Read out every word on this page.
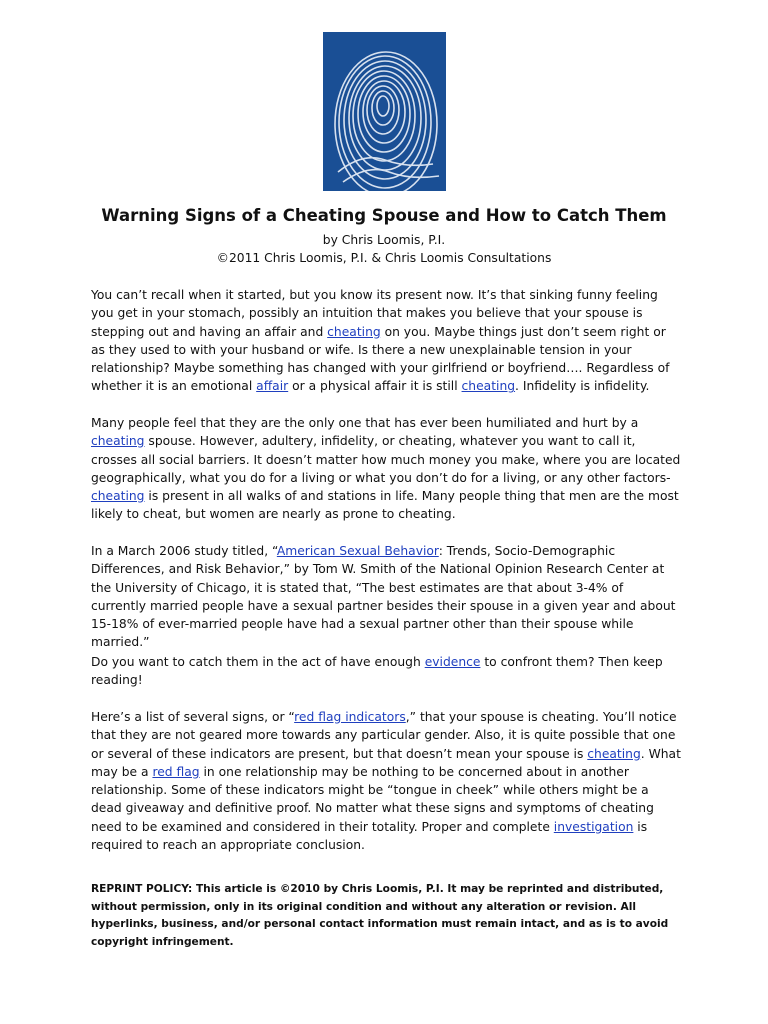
Warning Signs of a Cheating Spouse and How to Catch Them

by Chris Loomis, P.I.

©2011 Chris Loomis, P.I. & Chris Loomis Consultations

You can’t recall when it started, but you know its present now. It’s that sinking funny feeling you get in your stomach, possibly an intuition that makes you believe that your spouse is stepping out and having an affair and cheating on you. Maybe things just don’t seem right or as they used to with your husband or wife. Is there a new unexplainable tension in your relationship? Maybe something has changed with your girlfriend or boyfriend…. Regardless of whether it is an emotional affair or a physical affair it is still cheating. Infidelity is infidelity.

Many people feel that they are the only one that has ever been humiliated and hurt by a cheating spouse. However, adultery, infidelity, or cheating, whatever you want to call it, crosses all social barriers. It doesn’t matter how much money you make, where you are located geographically, what you do for a living or what you don’t do for a living, or any other factors- cheating is present in all walks of and stations in life. Many people thing that men are the most likely to cheat, but women are nearly as prone to cheating.

In a March 2006 study titled, “American Sexual Behavior: Trends, Socio-Demographic Differences, and Risk Behavior,” by Tom W. Smith of the National Opinion Research Center at the University of Chicago, it is stated that, “The best estimates are that about 3-4% of currently married people have a sexual partner besides their spouse in a given year and about 15-18% of ever-married people have had a sexual partner other than their spouse while married.”

Do you want to catch them in the act of have enough evidence to confront them? Then keep reading!

Here’s a list of several signs, or “red flag indicators,” that your spouse is cheating. You’ll notice that they are not geared more towards any particular gender. Also, it is quite possible that one or several of these indicators are present, but that doesn’t mean your spouse is cheating. What may be a red flag in one relationship may be nothing to be concerned about in another relationship. Some of these indicators might be “tongue in cheek” while others might be a dead giveaway and definitive proof. No matter what these signs and symptoms of cheating need to be examined and considered in their totality. Proper and complete investigation is required to reach an appropriate conclusion.

REPRINT POLICY: This article is ©2010 by Chris Loomis, P.I. It may be reprinted and distributed, without permission, only in its original condition and without any alteration or revision. All hyperlinks, business, and/or personal contact information must remain intact, and as is to avoid copyright infringement.
